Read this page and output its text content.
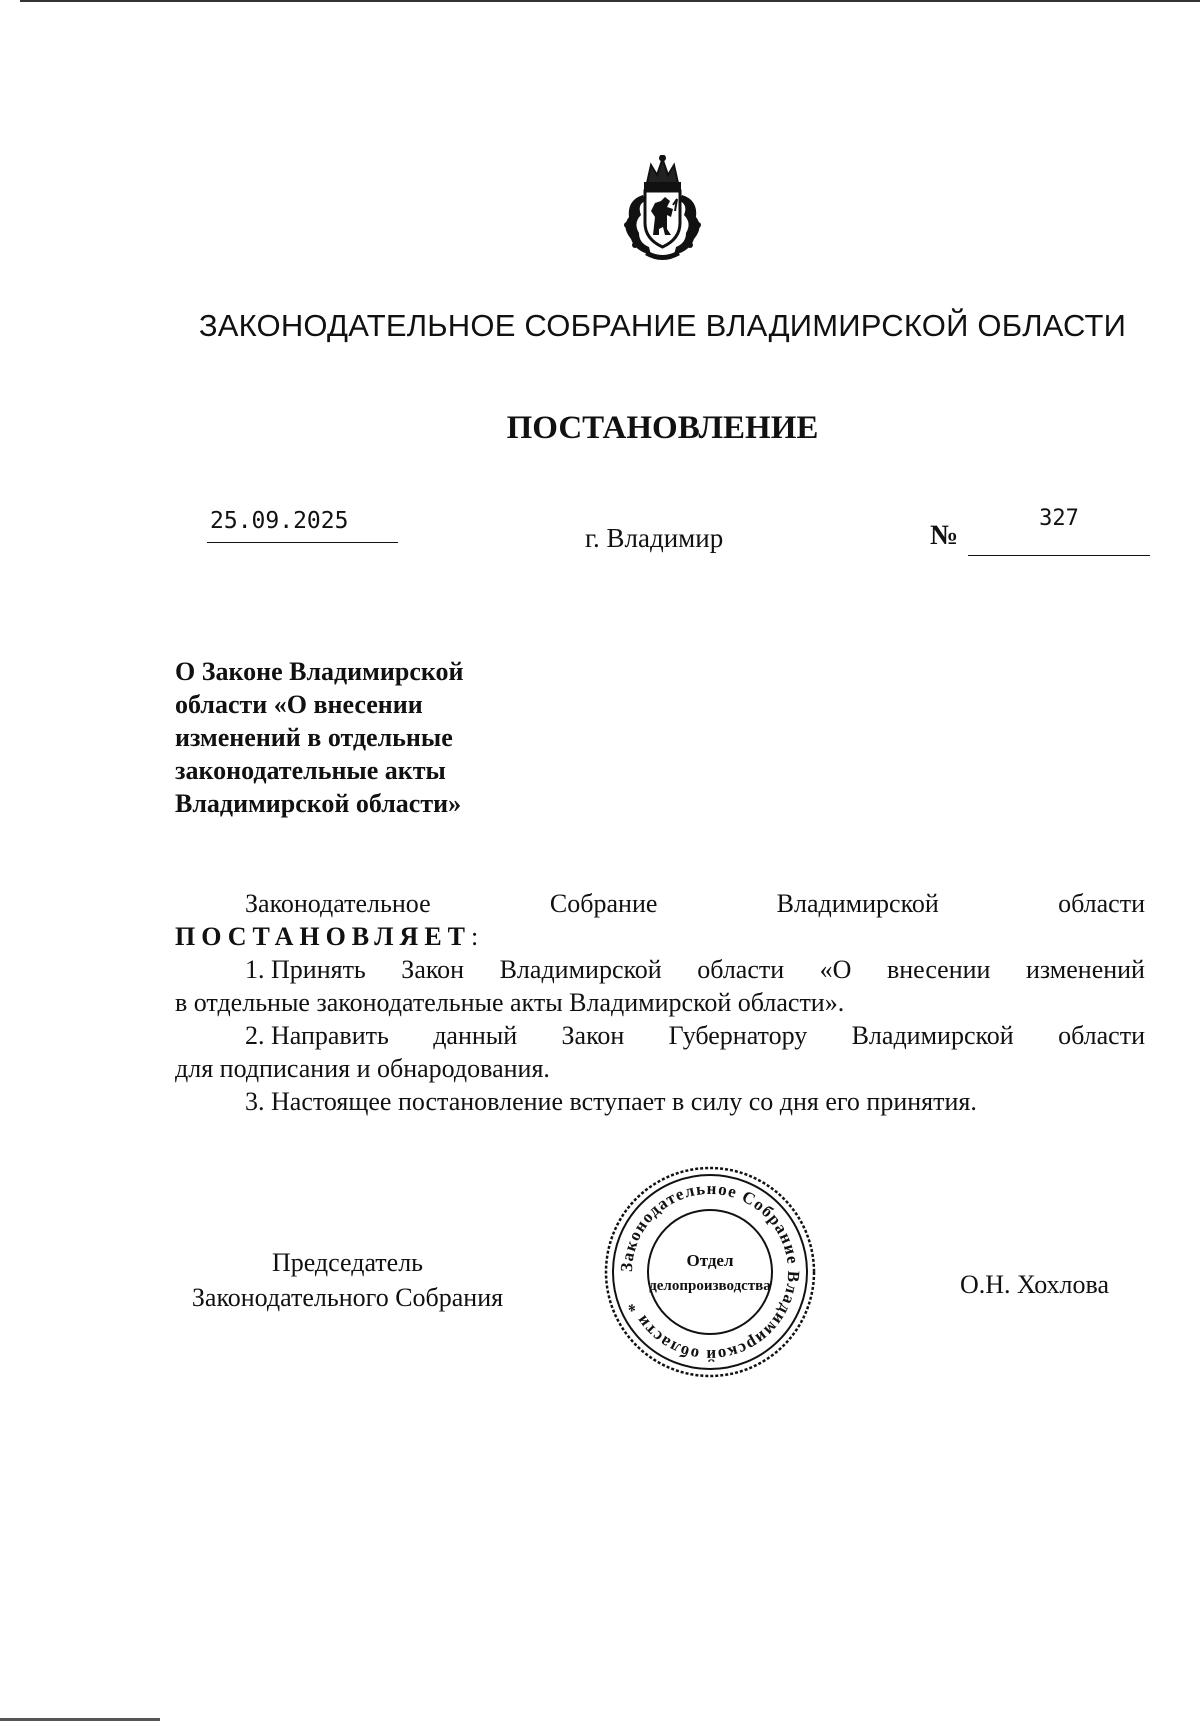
ЗАКОНОДАТЕЛЬНОЕ СОБРАНИЕ ВЛАДИМИРСКОЙ ОБЛАСТИ
ПОСТАНОВЛЕНИЕ
25.09.2025
г. Владимир	№
327
О Законе Владимирской
области «О внесении
изменений в отдельные
законодательные акты
Владимирской области»
Законодательное	Собрание	Владимирской	области
ПОСТАНОВЛЯЕТ:
1. Принять Закон Владимирской области «О внесении изменений
в отдельные законодательные акты Владимирской области».
2. Направить данный Закон Губернатору Владимирской области
для подписания и обнародования.
3. Настоящее постановление вступает в силу со дня его принятия.
Председатель
Законодательного Собрания
Законодательное Собрание Владимирской области *
Отдел
делопроизводства	О.Н. Хохлова
